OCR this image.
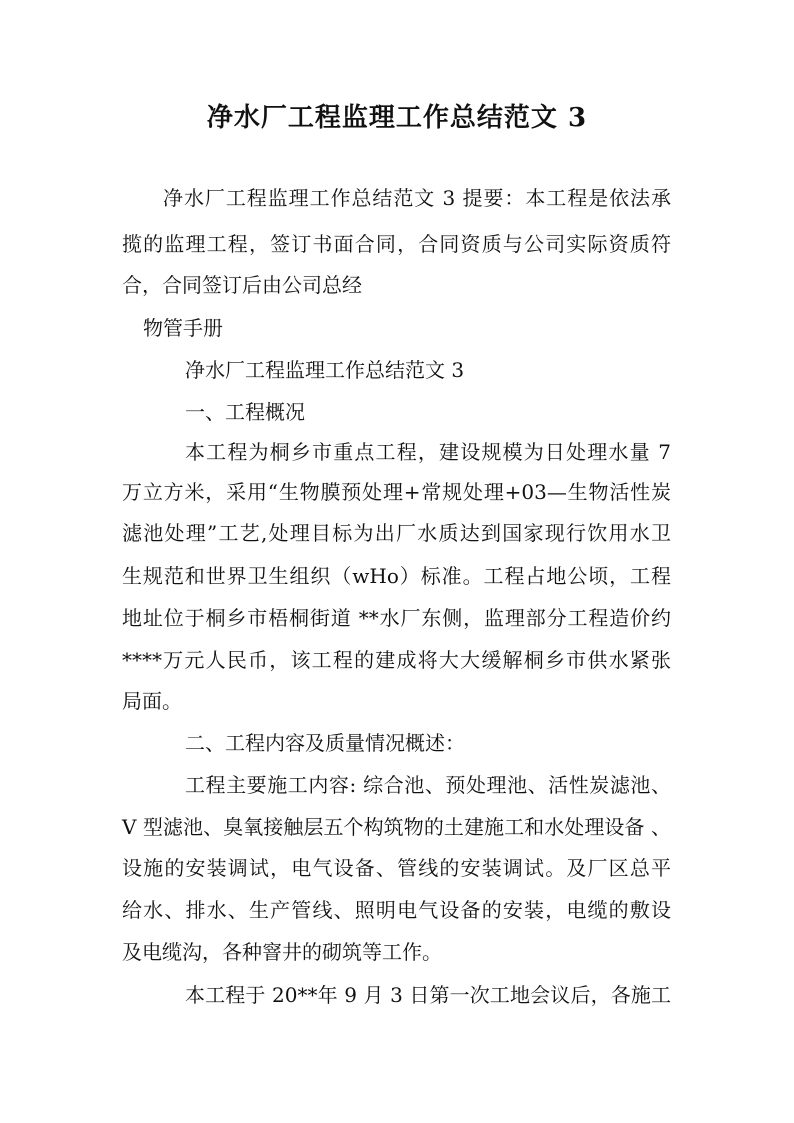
净水厂工程监理工作总结范文 3
净水厂工程监理工作总结范文 3 提要：本工程是依法承
揽的监理工程，签订书面合同，合同资质与公司实际资质符
合，合同签订后由公司总经
物管手册
净水厂工程监理工作总结范文 3
一、工程概况
本工程为桐乡市重点工程，建设规模为日处理水量 7
万立方米，采用“生物膜预处理+常规处理+03—生物活性炭
滤池处理”工艺,处理目标为出厂水质达到国家现行饮用水卫
生规范和世界卫生组织（wHo）标准。工程占地公顷，工程
地址位于桐乡市梧桐街道 **水厂东侧，监理部分工程造价约
****万元人民币，该工程的建成将大大缓解桐乡市供水紧张
局面。
二、工程内容及质量情况概述：
工程主要施工内容: 综合池、预处理池、活性炭滤池、
V 型滤池、臭氧接触层五个构筑物的土建施工和水处理设备 、
设施的安装调试，电气设备、管线的安装调试。及厂区总平
给水、排水、生产管线、照明电气设备的安装，电缆的敷设
及电缆沟，各种窨井的砌筑等工作。
本工程于 20**年 9 月 3 日第一次工地会议后，各施工
